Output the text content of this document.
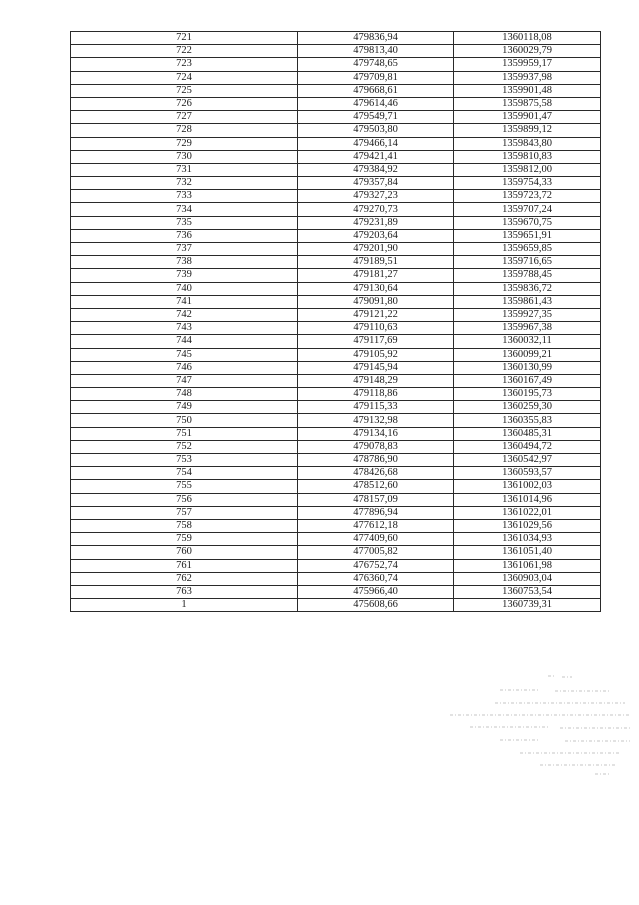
721	479836,94	1360118,08
722	479813,40	1360029,79
723	479748,65	1359959,17
724	479709,81	1359937,98
725	479668,61	1359901,48
726	479614,46	1359875,58
727	479549,71	1359901,47
728	479503,80	1359899,12
729	479466,14	1359843,80
730	479421,41	1359810,83
731	479384,92	1359812,00
732	479357,84	1359754,33
733	479327,23	1359723,72
734	479270,73	1359707,24
735	479231,89	1359670,75
736	479203,64	1359651,91
737	479201,90	1359659,85
738	479189,51	1359716,65
739	479181,27	1359788,45
740	479130,64	1359836,72
741	479091,80	1359861,43
742	479121,22	1359927,35
743	479110,63	1359967,38
744	479117,69	1360032,11
745	479105,92	1360099,21
746	479145,94	1360130,99
747	479148,29	1360167,49
748	479118,86	1360195,73
749	479115,33	1360259,30
750	479132,98	1360355,83
751	479134,16	1360485,31
752	479078,83	1360494,72
753	478786,90	1360542,97
754	478426,68	1360593,57
755	478512,60	1361002,03
756	478157,09	1361014,96
757	477896,94	1361022,01
758	477612,18	1361029,56
759	477409,60	1361034,93
760	477005,82	1361051,40
761	476752,74	1361061,98
762	476360,74	1360903,04
763	475966,40	1360753,54
1	475608,66	1360739,31
